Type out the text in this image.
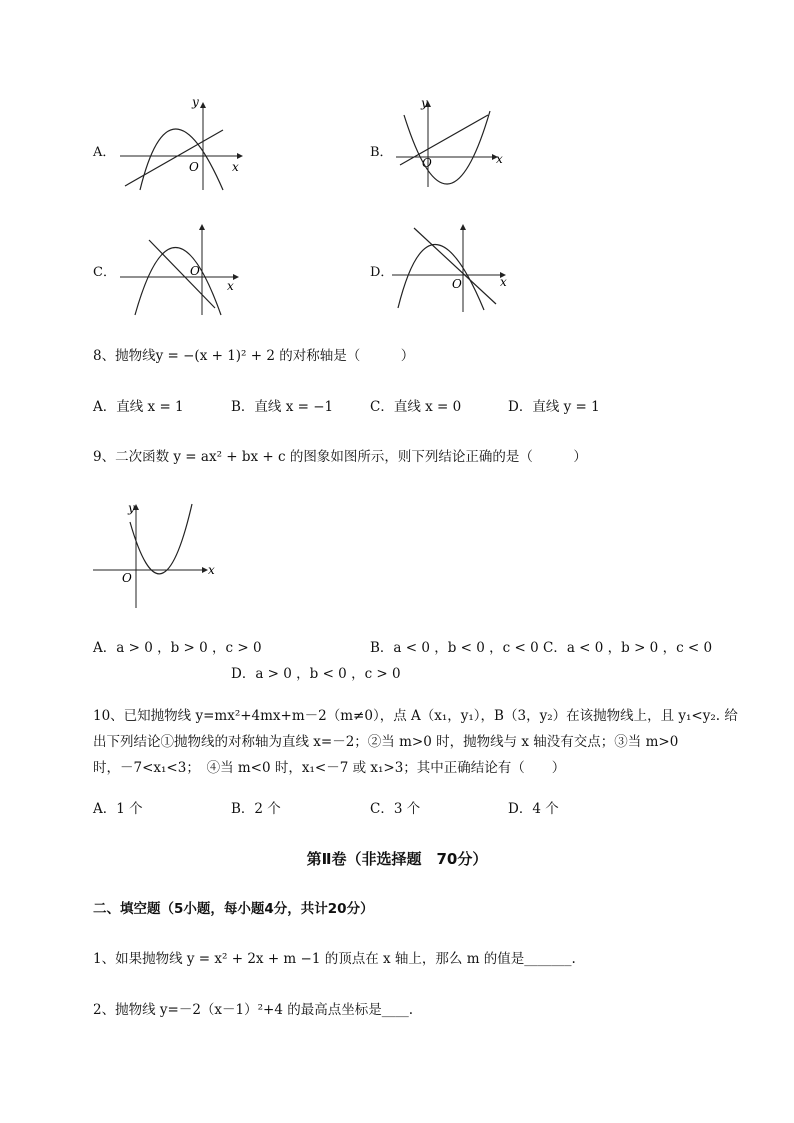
A．
y
x
O
B．
y
x
O
C．
x
O	D．
x
O
8、抛物线y = −(x + 1)² + 2 的对称轴是（　　　）
A．直线 x = 1	B．直线 x = −1	C．直线 x = 0	D．直线 y = 1
9、二次函数 y = ax² + bx + c 的图象如图所示，则下列结论正确的是（　　　）
y
x
O
A．a > 0 ，b > 0 ，c > 0	B．a < 0 ，b < 0 ，c < 0 C．a < 0 ，b > 0 ，c < 0
D．a > 0 ，b < 0 ，c > 0
10、已知抛物线 y=mx²+4mx+m－2（m≠0），点 A（x₁，y₁），B（3，y₂）在该抛物线上，且 y₁<y₂. 给
出下列结论①抛物线的对称轴为直线 x=－2；②当 m>0 时，抛物线与 x 轴没有交点；③当 m>0
时，－7<x₁<3；　④当 m<0 时，x₁<－7 或 x₁>3；其中正确结论有（　　）
A．1 个	B．2 个	C．3 个	D．4 个
第Ⅱ卷（非选择题　70分）
二、填空题（5小题，每小题4分，共计20分）
1、如果抛物线 y = x² + 2x + m −1 的顶点在 x 轴上，那么 m 的值是_______.
2、抛物线 y=－2（x－1）²+4 的最高点坐标是____.
